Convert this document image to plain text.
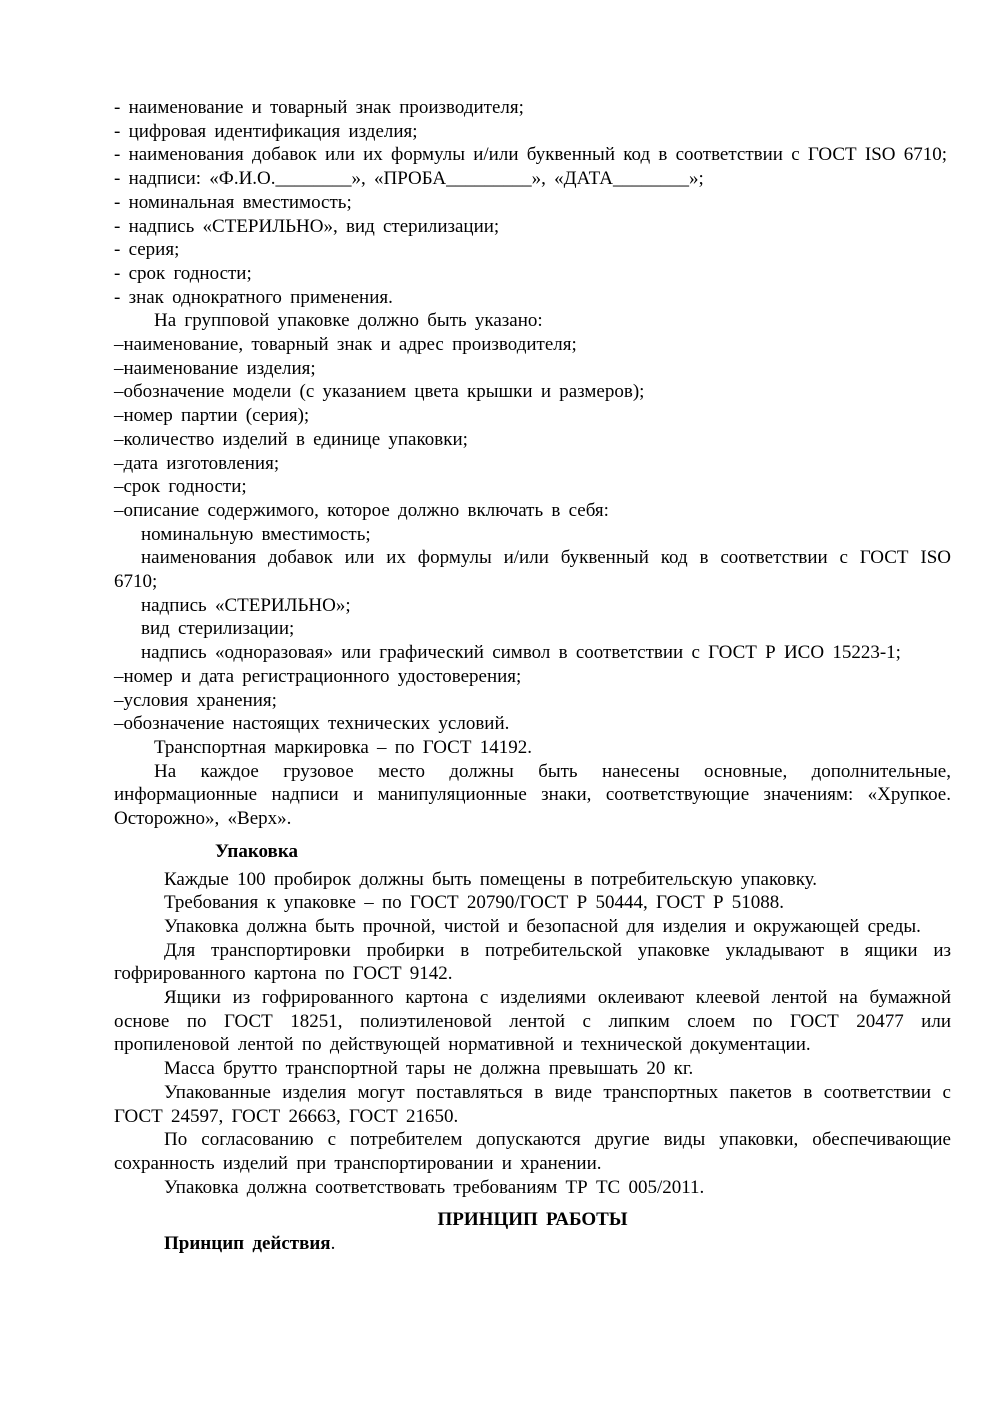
- наименование и товарный знак производителя;

- цифровая идентификация изделия;

- наименования добавок или их формулы и/или буквенный код в соответствии с ГОСТ ISO 6710;

- надписи: «Ф.И.О.________», «ПРОБА_________», «ДАТА________»;

- номинальная вместимость;

- надпись «СТЕРИЛЬНО», вид стерилизации;

- серия;

- срок годности;

- знак однократного применения.

На групповой упаковке должно быть указано:

–наименование, товарный знак и адрес производителя;

–наименование изделия;

–обозначение модели (с указанием цвета крышки и размеров);

–номер партии (серия);

–количество изделий в единице упаковки;

–дата изготовления;

–срок годности;

–описание содержимого, которое должно включать в себя:

номинальную вместимость;

наименования добавок или их формулы и/или буквенный код в соответствии с ГОСТ ISO 6710;

надпись «СТЕРИЛЬНО»;

вид стерилизации;

надпись «одноразовая» или графический символ в соответствии с ГОСТ Р ИСО 15223-1;

–номер и дата регистрационного удостоверения;

–условия хранения;

–обозначение настоящих технических условий.

Транспортная маркировка – по ГОСТ 14192.

На каждое грузовое место должны быть нанесены основные, дополнительные, информационные надписи и манипуляционные знаки, соответствующие значениям: «Хрупкое. Осторожно», «Верх».

Упаковка

Каждые 100 пробирок должны быть помещены в потребительскую упаковку.

Требования к упаковке – по ГОСТ 20790/ГОСТ Р 50444, ГОСТ Р 51088.

Упаковка должна быть прочной, чистой и безопасной для изделия и окружающей среды.

Для транспортировки пробирки в потребительской упаковке укладывают в ящики из гофрированного картона по ГОСТ 9142.

Ящики из гофрированного картона с изделиями оклеивают клеевой лентой на бумажной основе по ГОСТ 18251, полиэтиленовой лентой с липким слоем по ГОСТ 20477 или пропиленовой лентой по действующей нормативной и технической документации.

Масса брутто транспортной тары не должна превышать 20 кг.

Упакованные изделия могут поставляться в виде транспортных пакетов в соответствии с ГОСТ 24597, ГОСТ 26663, ГОСТ 21650.

По согласованию с потребителем допускаются другие виды упаковки, обеспечивающие сохранность изделий при транспортировании и хранении.

Упаковка должна соответствовать требованиям ТР ТС 005/2011.

ПРИНЦИП РАБОТЫ

Принцип действия.
